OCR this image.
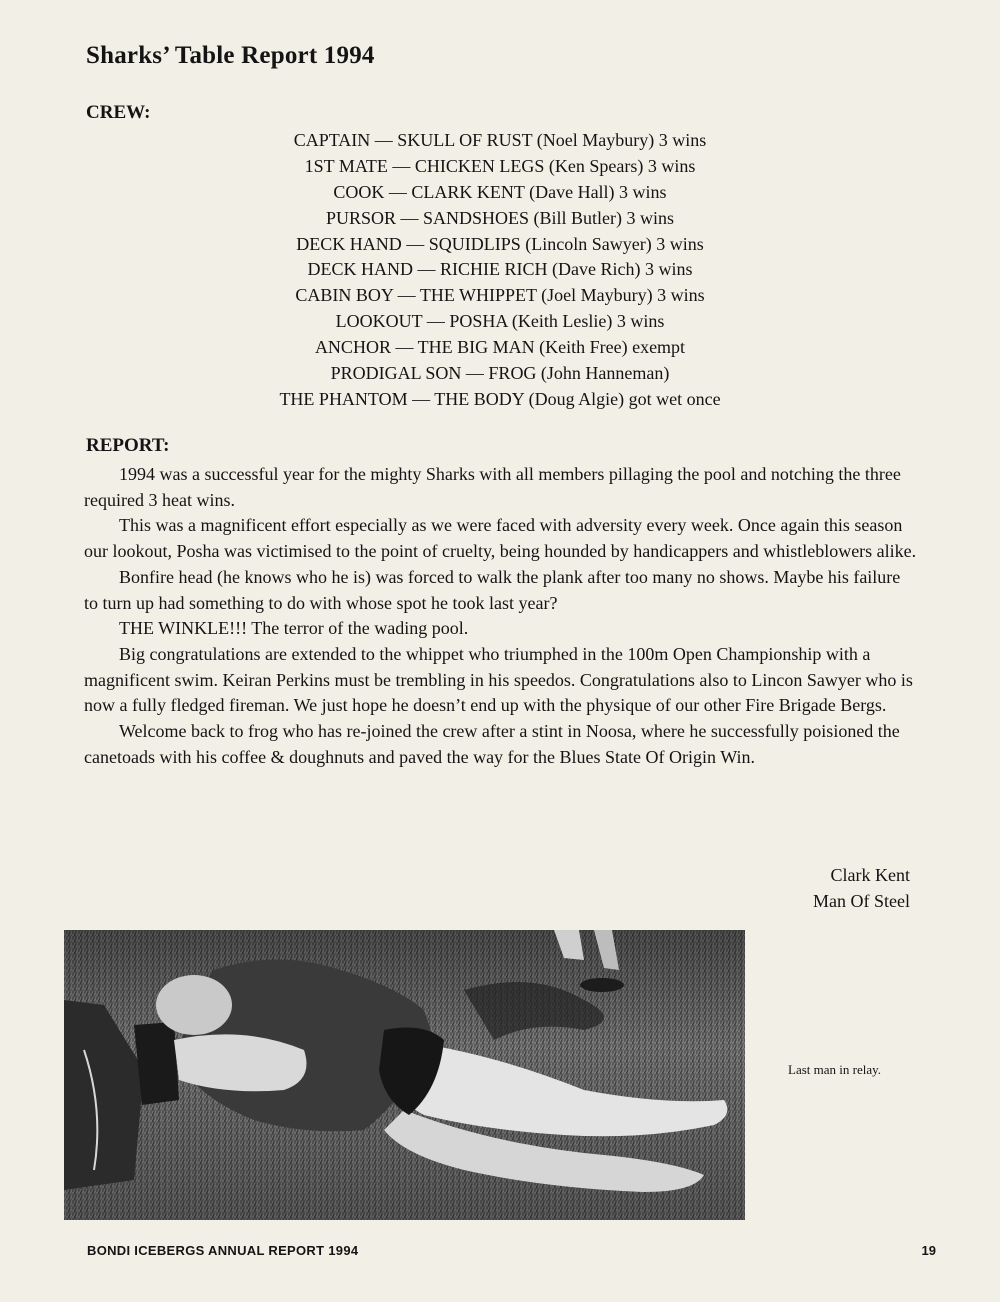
Sharks’ Table Report 1994
CREW:
CAPTAIN — SKULL OF RUST (Noel Maybury) 3 wins
1ST MATE — CHICKEN LEGS (Ken Spears) 3 wins
COOK — CLARK KENT (Dave Hall) 3 wins
PURSOR — SANDSHOES (Bill Butler) 3 wins
DECK HAND — SQUIDLIPS (Lincoln Sawyer) 3 wins
DECK HAND — RICHIE RICH (Dave Rich) 3 wins
CABIN BOY — THE WHIPPET (Joel Maybury) 3 wins
LOOKOUT — POSHA (Keith Leslie) 3 wins
ANCHOR — THE BIG MAN (Keith Free) exempt
PRODIGAL SON — FROG (John Hanneman)
THE PHANTOM — THE BODY (Doug Algie) got wet once
REPORT:

1994 was a successful year for the mighty Sharks with all members pillaging the pool and notching the three required 3 heat wins.

This was a magnificent effort especially as we were faced with adversity every week. Once again this season our lookout, Posha was victimised to the point of cruelty, being hounded by handicappers and whistleblowers alike.

Bonfire head (he knows who he is) was forced to walk the plank after too many no shows. Maybe his failure to turn up had something to do with whose spot he took last year?

THE WINKLE!!! The terror of the wading pool.

Big congratulations are extended to the whippet who triumphed in the 100m Open Championship with a magnificent swim. Keiran Perkins must be trembling in his speedos. Congratulations also to Lincon Sawyer who is now a fully fledged fireman. We just hope he doesn’t end up with the physique of our other Fire Brigade Bergs.

Welcome back to frog who has re-joined the crew after a stint in Noosa, where he successfully poisioned the canetoads with his coffee & doughnuts and paved the way for the Blues State Of Origin Win.

Clark Kent
Man Of Steel
Last man in relay.
BONDI ICEBERGS ANNUAL REPORT 1994	19
